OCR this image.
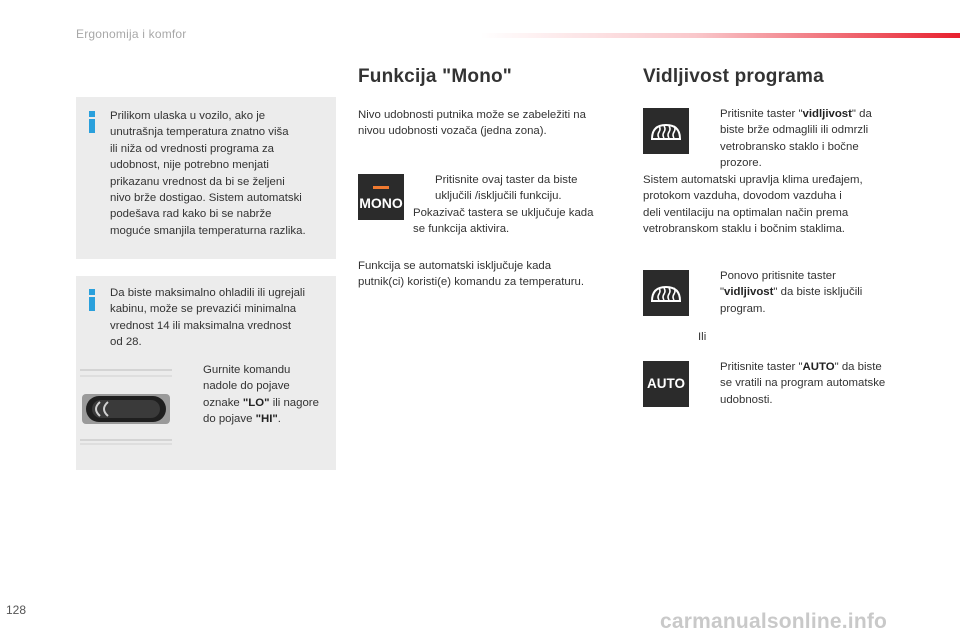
Ergonomija i komfor
Prilikom ulaska u vozilo, ako je
unutrašnja temperatura znatno viša
ili niža od vrednosti programa za
udobnost, nije potrebno menjati
prikazanu vrednost da bi se željeni
nivo brže dostigao. Sistem automatski
podešava rad kako bi se nabrže
moguće smanjila temperaturna razlika.
Da biste maksimalno ohladili ili ugrejali
kabinu, može se prevazići minimalna
vrednost 14 ili maksimalna vrednost
od 28.
Gurnite komandu
nadole do pojave
oznake "LO" ili nagore
do pojave "HI".
Funkcija "Mono"
Nivo udobnosti putnika može se zabeležiti na
nivou udobnosti vozača (jedna zona).
MONO
Pritisnite ovaj taster da biste
uključili /isključili funkciju.
Pokazivač tastera se uključuje kada
se funkcija aktivira.
Funkcija se automatski isključuje kada
putnik(ci) koristi(e) komandu za temperaturu.
Vidljivost programa
Pritisnite taster "vidljivost" da
biste brže odmaglili ili odmrzli
vetrobransko staklo i bočne
prozore.
Sistem automatski upravlja klima uređajem,
protokom vazduha, dovodom vazduha i
deli ventilaciju na optimalan način prema
vetrobranskom staklu i bočnim staklima.
Ponovo pritisnite taster
"vidljivost" da biste isključili
program.
Ili
AUTO
Pritisnite taster "AUTO" da biste
se vratili na program automatske
udobnosti.
128	carmanualsonline.info
